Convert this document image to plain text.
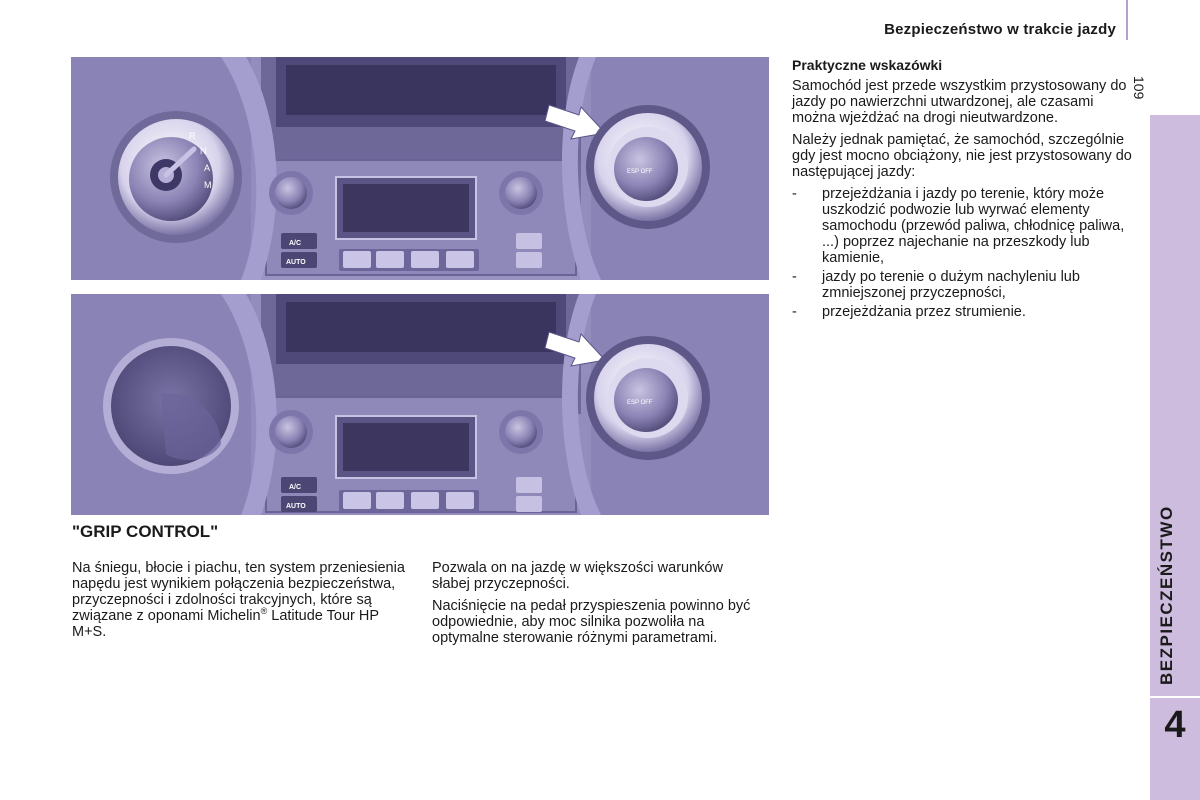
Bezpieczeństwo w trakcie jazdy
109
BEZPIECZEŃSTWO
4
R
N
A
M
A/C
AUTO
ESP OFF
A/C
AUTO
ESP OFF
"GRIP CONTROL"

Na śniegu, błocie i piachu, ten system przeniesienia napędu jest wynikiem połączenia bezpieczeństwa, przyczepności i zdolności trakcyjnych, które są związane z oponami Michelin® Latitude Tour HP M+S.

Pozwala on na jazdę w większości warunków słabej przyczepności.

Naciśnięcie na pedał przyspieszenia powinno być odpowiednie, aby moc silnika pozwoliła na optymalne sterowanie różnymi parametrami.

Praktyczne wskazówki

Samochód jest przede wszystkim przystosowany do jazdy po nawierzchni utwardzonej, ale czasami można wjeżdżać na drogi nieutwardzone.

Należy jednak pamiętać, że samochód, szczególnie gdy jest mocno obciążony, nie jest przystosowany do następującej jazdy:

- przejeżdżania i jazdy po terenie, który może uszkodzić podwozie lub wyrwać elementy samochodu (przewód paliwa, chłodnicę paliwa, ...) poprzez najechanie na przeszkody lub kamienie,
- jazdy po terenie o dużym nachyleniu lub zmniejszonej przyczepności,
- przejeżdżania przez strumienie.
